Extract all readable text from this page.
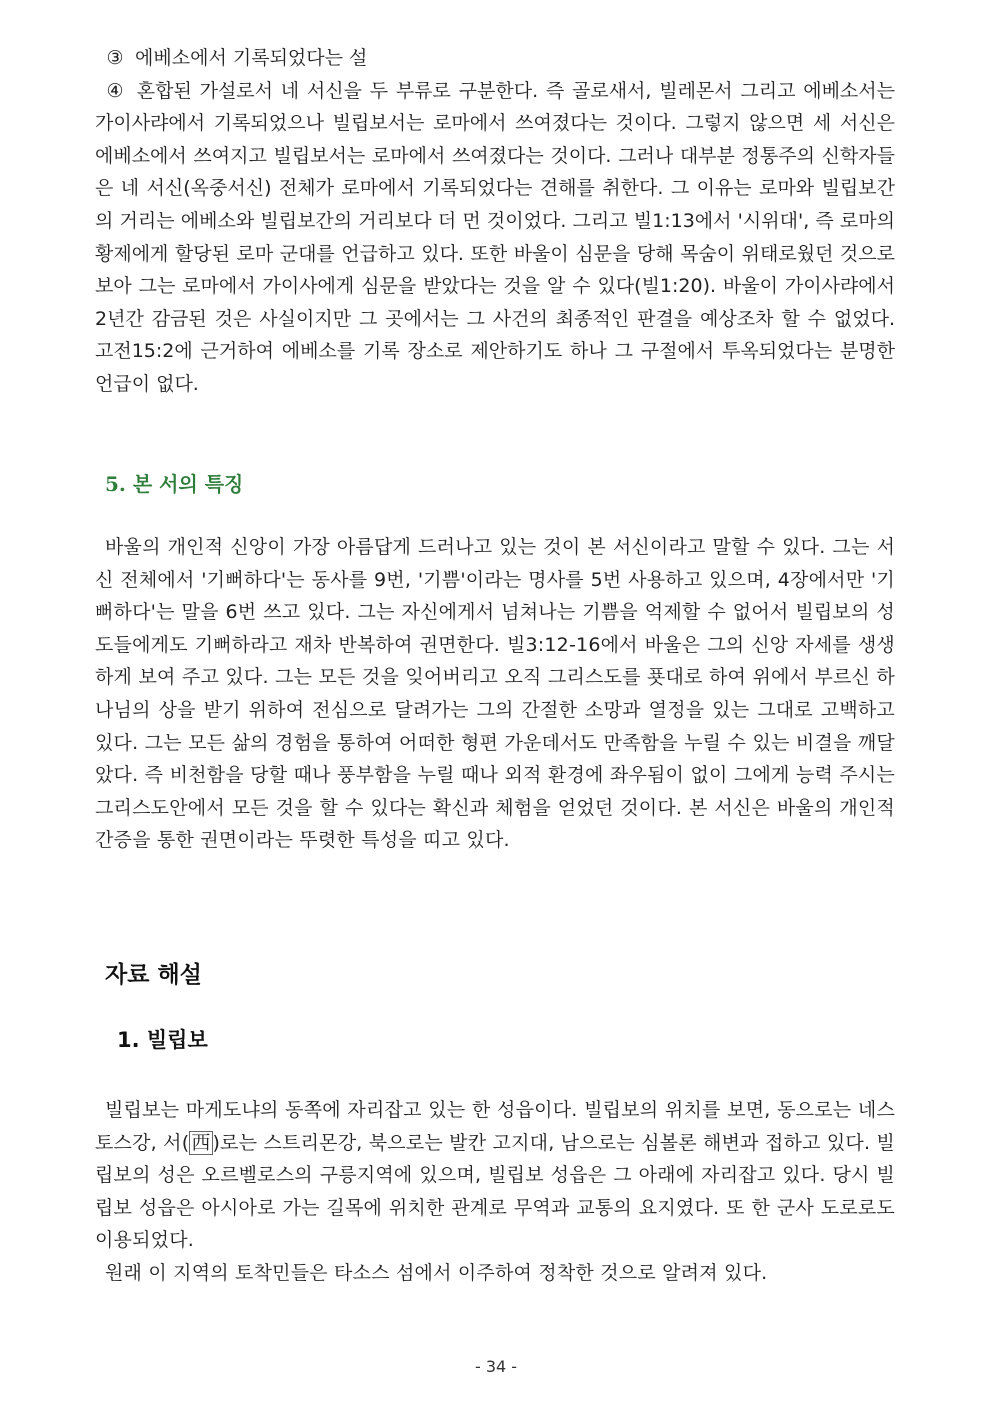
③ 에베소에서 기록되었다는 설

④ 혼합된 가설로서 네 서신을 두 부류로 구분한다. 즉 골로새서, 빌레몬서 그리고 에베소서는 가이사랴에서 기록되었으나 빌립보서는 로마에서 쓰여졌다는 것이다. 그렇지 않으면 세 서신은 에베소에서 쓰여지고 빌립보서는 로마에서 쓰여졌다는 것이다. 그러나 대부분 정통주의 신학자들은 네 서신(옥중서신) 전체가 로마에서 기록되었다는 견해를 취한다. 그 이유는 로마와 빌립보간의 거리는 에베소와 빌립보간의 거리보다 더 먼 것이었다. 그리고 빌1:13에서 '시위대', 즉 로마의 황제에게 할당된 로마 군대를 언급하고 있다. 또한 바울이 심문을 당해 목숨이 위태로웠던 것으로 보아 그는 로마에서 가이사에게 심문을 받았다는 것을 알 수 있다(빌1:20). 바울이 가이사랴에서 2년간 감금된 것은 사실이지만 그 곳에서는 그 사건의 최종적인 판결을 예상조차 할 수 없었다. 고전15:2에 근거하여 에베소를 기록 장소로 제안하기도 하나 그 구절에서 투옥되었다는 분명한 언급이 없다.

5. 본 서의 특징

바울의 개인적 신앙이 가장 아름답게 드러나고 있는 것이 본 서신이라고 말할 수 있다. 그는 서신 전체에서 '기뻐하다'는 동사를 9번, '기쁨'이라는 명사를 5번 사용하고 있으며, 4장에서만 '기뻐하다'는 말을 6번 쓰고 있다. 그는 자신에게서 넘쳐나는 기쁨을 억제할 수 없어서 빌립보의 성도들에게도 기뻐하라고 재차 반복하여 권면한다. 빌3:12-16에서 바울은 그의 신앙 자세를 생생하게 보여 주고 있다. 그는 모든 것을 잊어버리고 오직 그리스도를 푯대로 하여 위에서 부르신 하나님의 상을 받기 위하여 전심으로 달려가는 그의 간절한 소망과 열정을 있는 그대로 고백하고 있다. 그는 모든 삶의 경험을 통하여 어떠한 형편 가운데서도 만족함을 누릴 수 있는 비결을 깨달았다. 즉 비천함을 당할 때나 풍부함을 누릴 때나 외적 환경에 좌우됨이 없이 그에게 능력 주시는 그리스도안에서 모든 것을 할 수 있다는 확신과 체험을 얻었던 것이다. 본 서신은 바울의 개인적 간증을 통한 권면이라는 뚜렷한 특성을 띠고 있다.

자료 해설
1. 빌립보

빌립보는 마게도냐의 동쪽에 자리잡고 있는 한 성읍이다. 빌립보의 위치를 보면, 동으로는 네스토스강, 서( 西 )로는 스트리몬강, 북으로는 발칸 고지대, 남으로는 심볼론 해변과 접하고 있다. 빌립보의 성은 오르벨로스의 구릉지역에 있으며, 빌립보 성읍은 그 아래에 자리잡고 있다. 당시 빌립보 성읍은 아시아로 가는 길목에 위치한 관계로 무역과 교통의 요지였다. 또 한 군사 도로로도 이용되었다.

원래 이 지역의 토착민들은 타소스 섬에서 이주하여 정착한 것으로 알려져 있다.

- 34 -
